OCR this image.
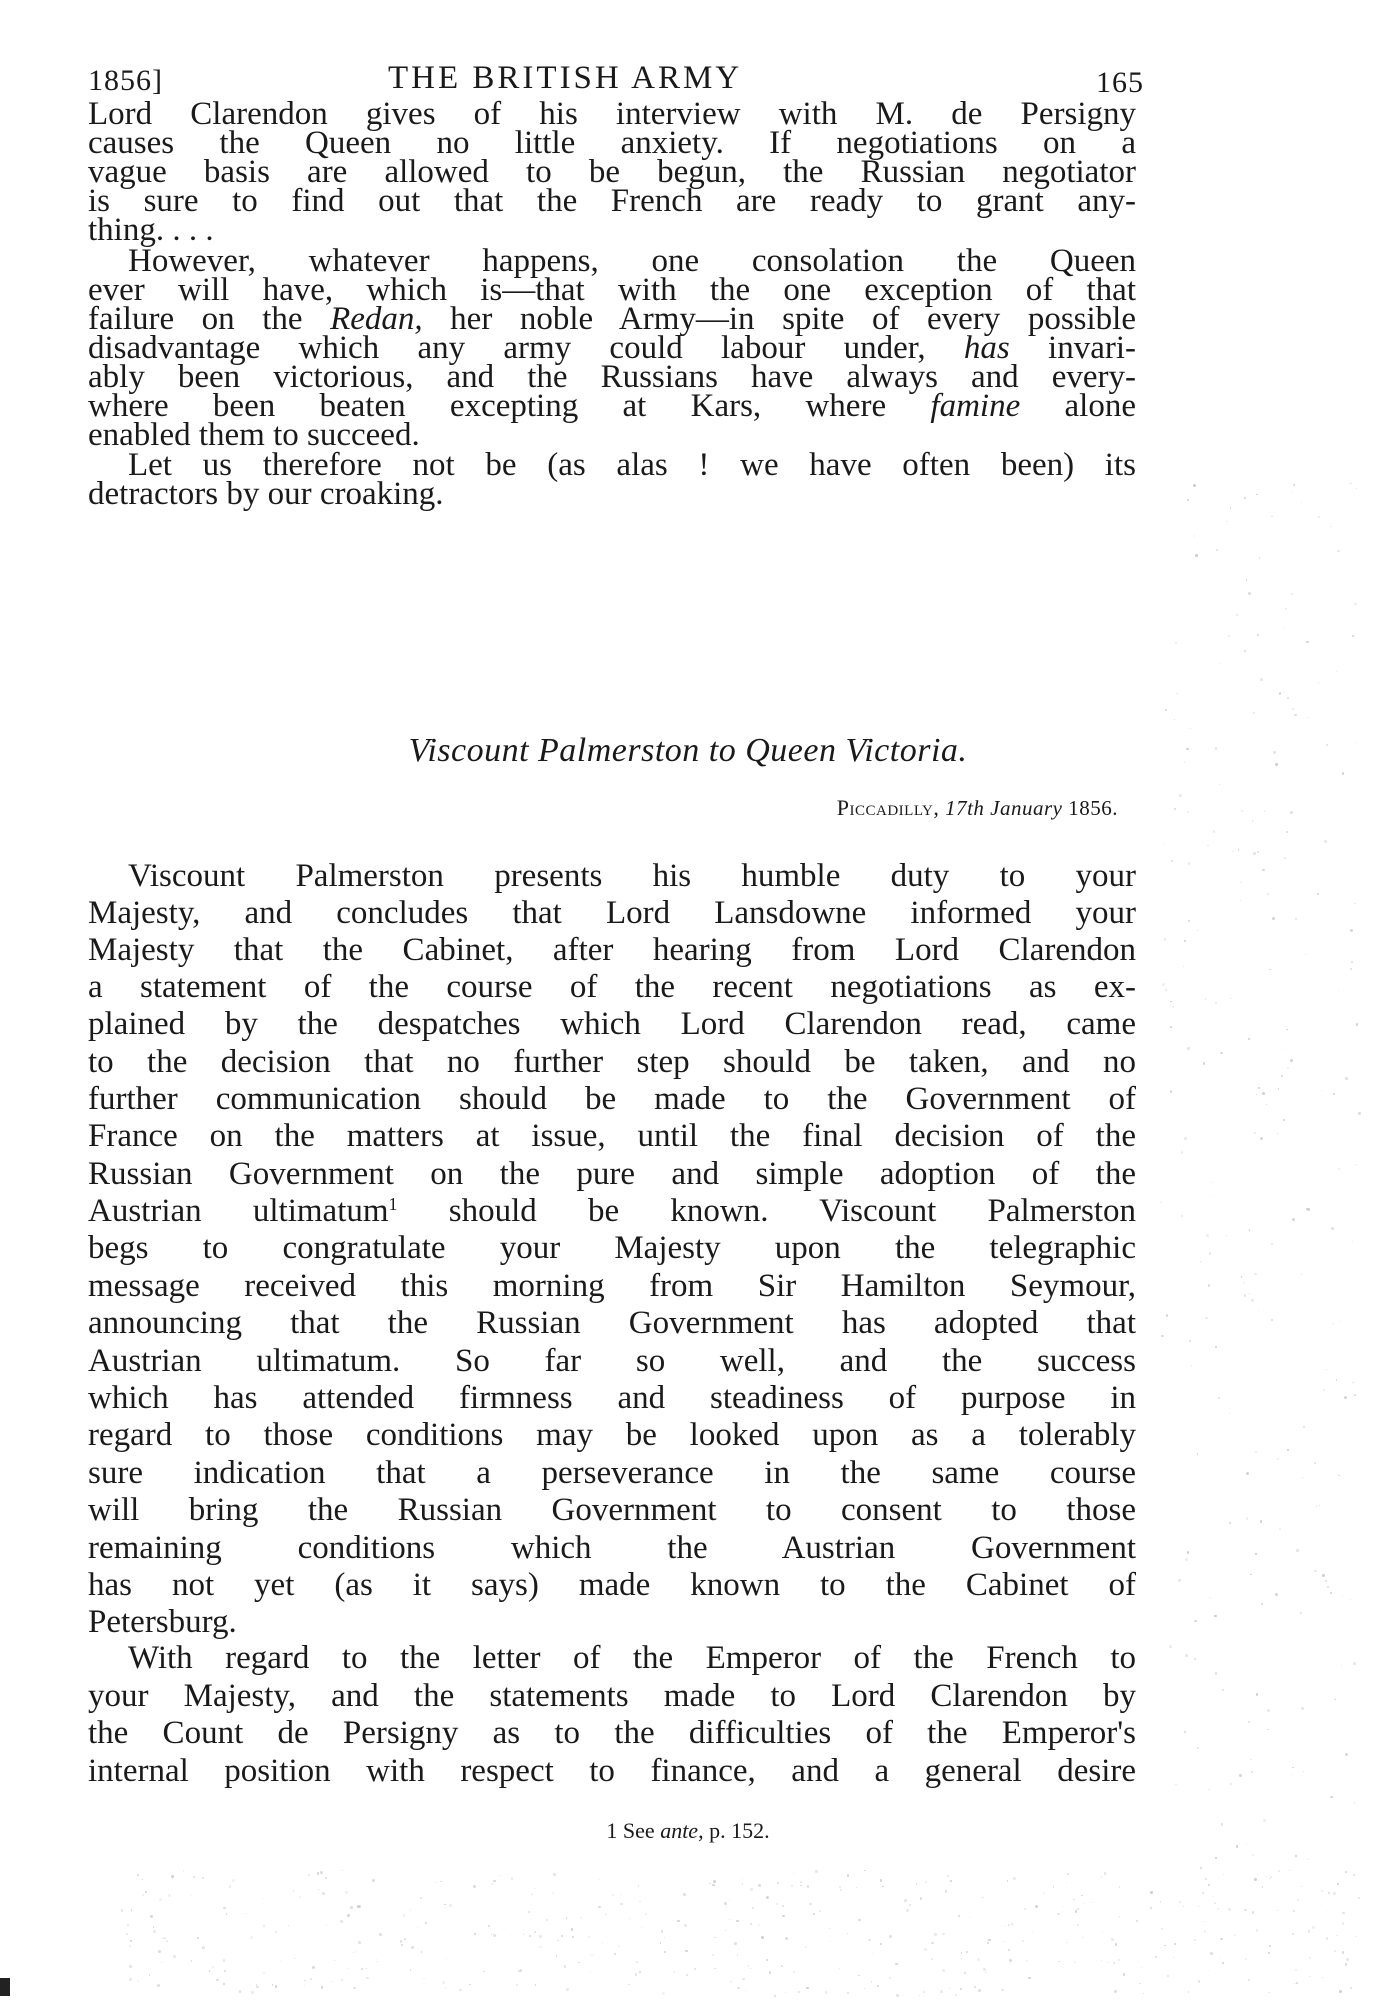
1856]	THE BRITISH ARMY	165
Lord Clarendon gives of his interview with M. de Persigny
causes the Queen no little anxiety. If negotiations on a
vague basis are allowed to be begun, the Russian negotiator
is sure to find out that the French are ready to grant any-
thing. . . .
However, whatever happens, one consolation the Queen
ever will have, which is—that with the one exception of that
failure on the Redan, her noble Army—in spite of every possible
disadvantage which any army could labour under, has invari-
ably been victorious, and the Russians have always and every-
where been beaten excepting at Kars, where famine alone
enabled them to succeed.
Let us therefore not be (as alas ! we have often been) its
detractors by our croaking.
Viscount Palmerston to Queen Victoria.
Piccadilly, 17th January 1856.
Viscount Palmerston presents his humble duty to your
Majesty, and concludes that Lord Lansdowne informed your
Majesty that the Cabinet, after hearing from Lord Clarendon
a statement of the course of the recent negotiations as ex-
plained by the despatches which Lord Clarendon read, came
to the decision that no further step should be taken, and no
further communication should be made to the Government of
France on the matters at issue, until the final decision of the
Russian Government on the pure and simple adoption of the
Austrian ultimatum$^1$ should be known. Viscount Palmerston
begs to congratulate your Majesty upon the telegraphic
message received this morning from Sir Hamilton Seymour,
announcing that the Russian Government has adopted that
Austrian ultimatum. So far so well, and the success
which has attended firmness and steadiness of purpose in
regard to those conditions may be looked upon as a tolerably
sure indication that a perseverance in the same course
will bring the Russian Government to consent to those
remaining conditions which the Austrian Government
has not yet (as it says) made known to the Cabinet of
Petersburg.
With regard to the letter of the Emperor of the French to
your Majesty, and the statements made to Lord Clarendon by
the Count de Persigny as to the difficulties of the Emperor's
internal position with respect to finance, and a general desire
1 See ante, p. 152.
